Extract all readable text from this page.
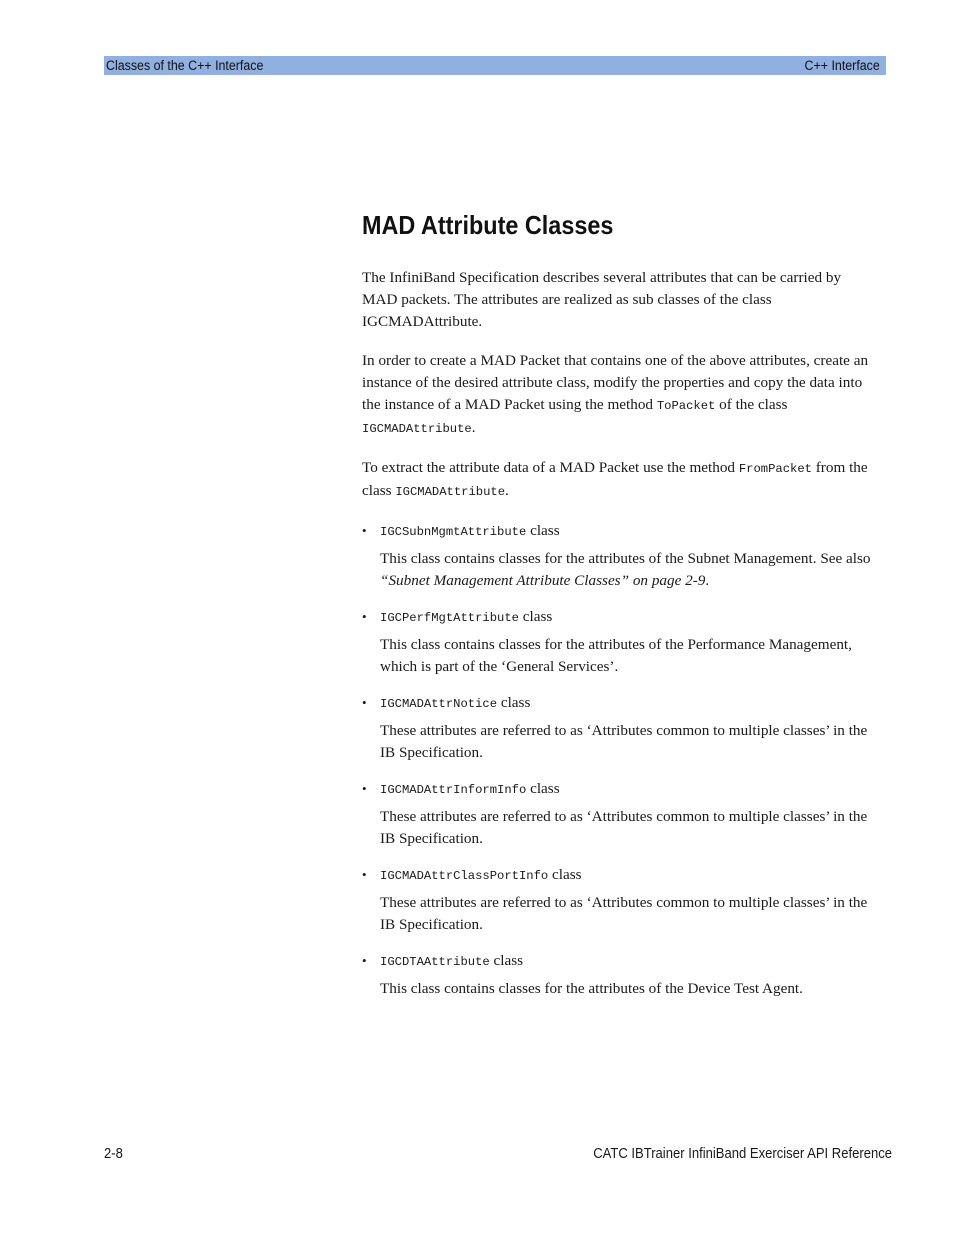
Classes of the C++ Interface	C++ Interface
MAD Attribute Classes

The InfiniBand Specification describes several attributes that can be carried by MAD packets. The attributes are realized as sub classes of the class IGCMADAttribute.

In order to create a MAD Packet that contains one of the above attributes, create an instance of the desired attribute class, modify the properties and copy the data into the instance of a MAD Packet using the method ToPacket of the class IGCMADAttribute.

To extract the attribute data of a MAD Packet use the method FromPacket from the class IGCMADAttribute.

•	IGCSubnMgmtAttribute class

This class contains classes for the attributes of the Subnet Management. See also “Subnet Management Attribute Classes” on page 2-9.

•	IGCPerfMgtAttribute class

This class contains classes for the attributes of the Performance Management, which is part of the ‘General Services’.

•	IGCMADAttrNotice class

These attributes are referred to as ‘Attributes common to multiple classes’ in the IB Specification.

•	IGCMADAttrInformInfo class

These attributes are referred to as ‘Attributes common to multiple classes’ in the IB Specification.

•	IGCMADAttrClassPortInfo class

These attributes are referred to as ‘Attributes common to multiple classes’ in the IB Specification.

•	IGCDTAAttribute class

This class contains classes for the attributes of the Device Test Agent.

2-8	CATC IBTrainer InfiniBand Exerciser API Reference
